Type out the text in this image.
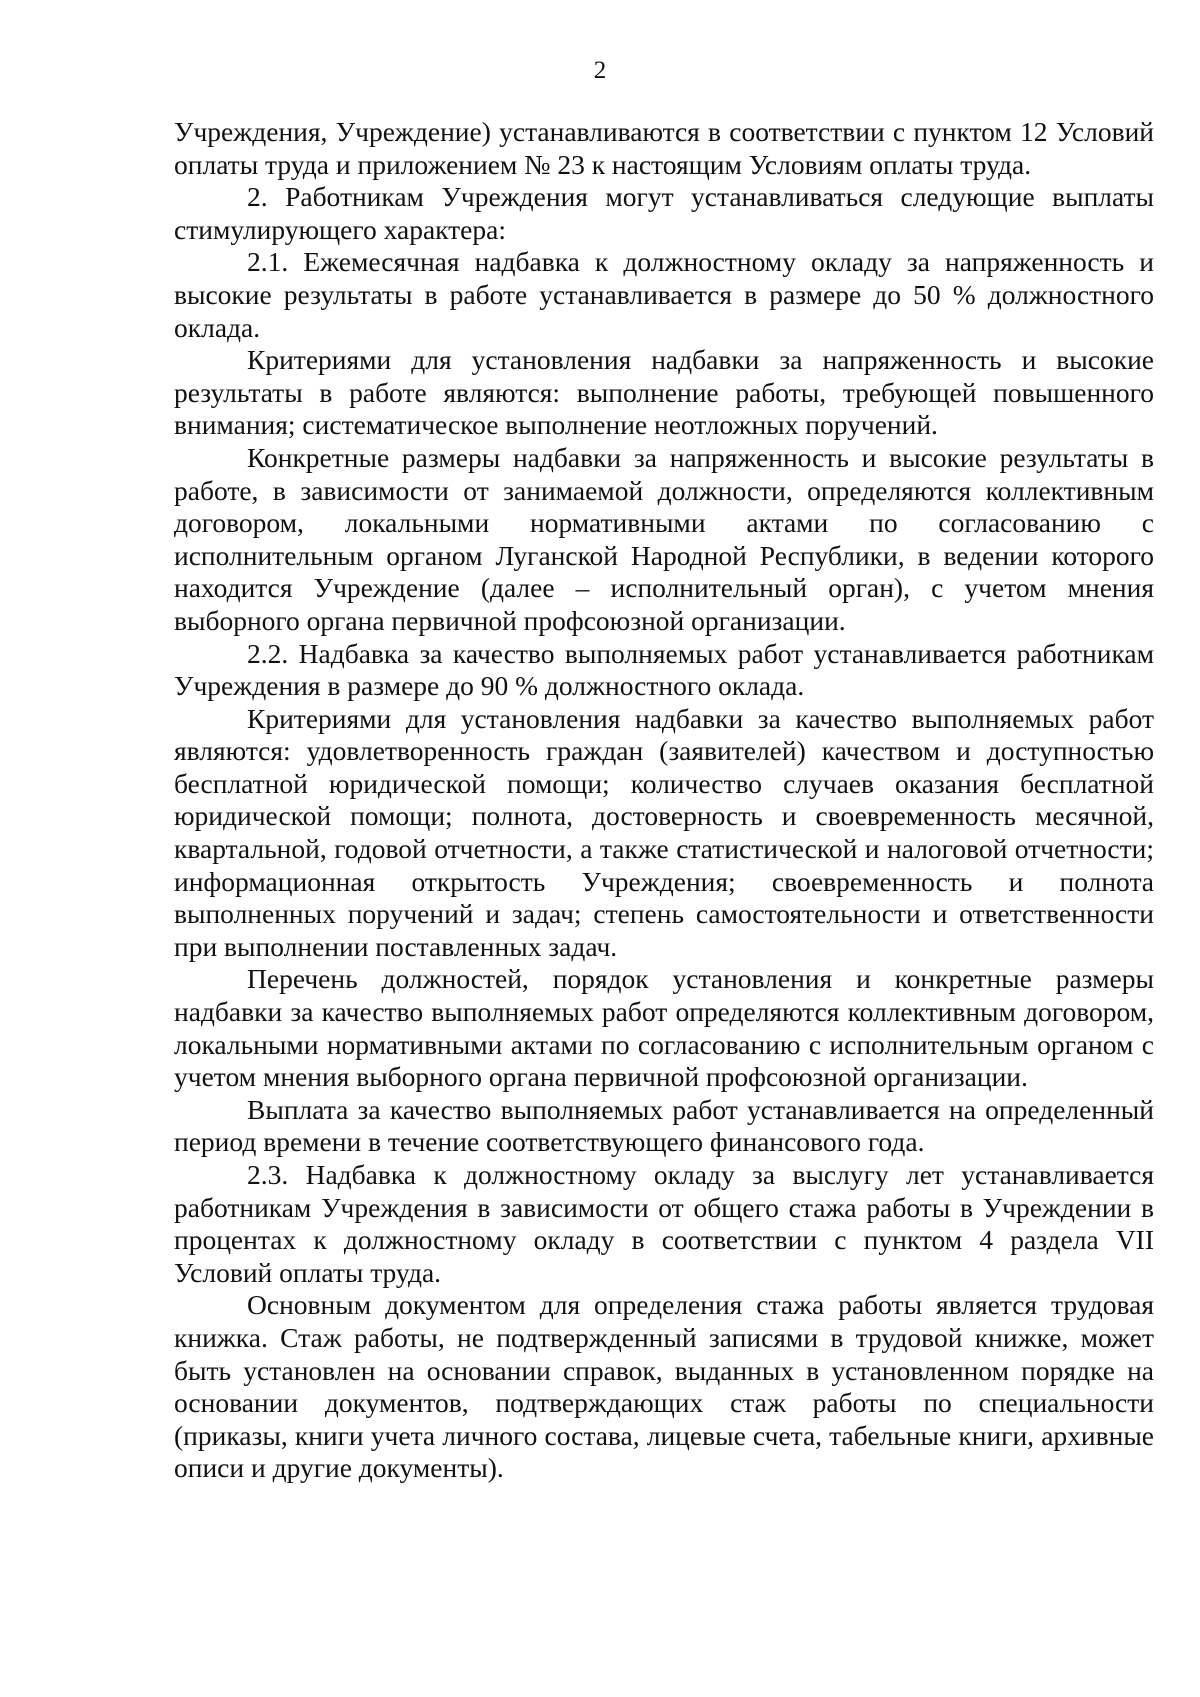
2

Учреждения, Учреждение) устанавливаются в соответствии с пунктом 12 Условий оплаты труда и приложением № 23 к настоящим Условиям оплаты труда.

2. Работникам Учреждения могут устанавливаться следующие выплаты стимулирующего характера:

2.1. Ежемесячная надбавка к должностному окладу за напряженность и высокие результаты в работе устанавливается в размере до 50 % должностного оклада.

Критериями для установления надбавки за напряженность и высокие результаты в работе являются: выполнение работы, требующей повышенного внимания; систематическое выполнение неотложных поручений.

Конкретные размеры надбавки за напряженность и высокие результаты в работе, в зависимости от занимаемой должности, определяются коллективным договором, локальными нормативными актами по согласованию с исполнительным органом Луганской Народной Республики, в ведении которого находится Учреждение (далее – исполнительный орган), с учетом мнения выборного органа первичной профсоюзной организации.

2.2. Надбавка за качество выполняемых работ устанавливается работникам Учреждения в размере до 90 % должностного оклада.

Критериями для установления надбавки за качество выполняемых работ являются: удовлетворенность граждан (заявителей) качеством и доступностью бесплатной юридической помощи; количество случаев оказания бесплатной юридической помощи; полнота, достоверность и своевременность месячной, квартальной, годовой отчетности, а также статистической и налоговой отчетности; информационная открытость Учреждения; своевременность и полнота выполненных поручений и задач; степень самостоятельности и ответственности при выполнении поставленных задач.

Перечень должностей, порядок установления и конкретные размеры надбавки за качество выполняемых работ определяются коллективным договором, локальными нормативными актами по согласованию с исполнительным органом с учетом мнения выборного органа первичной профсоюзной организации.

Выплата за качество выполняемых работ устанавливается на определенный период времени в течение соответствующего финансового года.

2.3. Надбавка к должностному окладу за выслугу лет устанавливается работникам Учреждения в зависимости от общего стажа работы в Учреждении в процентах к должностному окладу в соответствии с пунктом 4 раздела VII Условий оплаты труда.

Основным документом для определения стажа работы является трудовая книжка. Стаж работы, не подтвержденный записями в трудовой книжке, может быть установлен на основании справок, выданных в установленном порядке на основании документов, подтверждающих стаж работы по специальности (приказы, книги учета личного состава, лицевые счета, табельные книги, архивные описи и другие документы).
